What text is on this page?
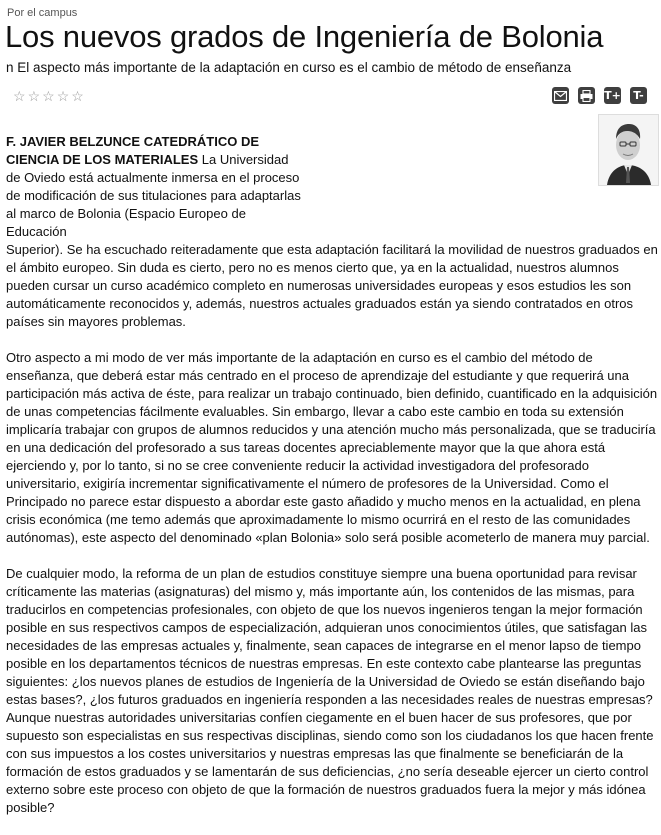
Por el campus
Los nuevos grados de Ingeniería de Bolonia
n El aspecto más importante de la adaptación en curso es el cambio de método de enseñanza
☆ ☆ ☆ ☆ ☆	T+ T-

F. JAVIER BELZUNCE CATEDRÁTICO DE CIENCIA DE LOS MATERIALES La Universidad de Oviedo está actualmente inmersa en el proceso de modificación de sus titulaciones para adaptarlas al marco de Bolonia (Espacio Europeo de Educación

Superior). Se ha escuchado reiteradamente que esta adaptación facilitará la movilidad de nuestros graduados en el ámbito europeo. Sin duda es cierto, pero no es menos cierto que, ya en la actualidad, nuestros alumnos pueden cursar un curso académico completo en numerosas universidades europeas y esos estudios les son automáticamente reconocidos y, además, nuestros actuales graduados están ya siendo contratados en otros países sin mayores problemas.

Otro aspecto a mi modo de ver más importante de la adaptación en curso es el cambio del método de enseñanza, que deberá estar más centrado en el proceso de aprendizaje del estudiante y que requerirá una participación más activa de éste, para realizar un trabajo continuado, bien definido, cuantificado en la adquisición de unas competencias fácilmente evaluables. Sin embargo, llevar a cabo este cambio en toda su extensión implicaría trabajar con grupos de alumnos reducidos y una atención mucho más personalizada, que se traduciría en una dedicación del profesorado a sus tareas docentes apreciablemente mayor que la que ahora está ejerciendo y, por lo tanto, si no se cree conveniente reducir la actividad investigadora del profesorado universitario, exigiría incrementar significativamente el número de profesores de la Universidad. Como el Principado no parece estar dispuesto a abordar este gasto añadido y mucho menos en la actualidad, en plena crisis económica (me temo además que aproximadamente lo mismo ocurrirá en el resto de las comunidades autónomas), este aspecto del denominado «plan Bolonia» solo será posible acometerlo de manera muy parcial.

De cualquier modo, la reforma de un plan de estudios constituye siempre una buena oportunidad para revisar críticamente las materias (asignaturas) del mismo y, más importante aún, los contenidos de las mismas, para traducirlos en competencias profesionales, con objeto de que los nuevos ingenieros tengan la mejor formación posible en sus respectivos campos de especialización, adquieran unos conocimientos útiles, que satisfagan las necesidades de las empresas actuales y, finalmente, sean capaces de integrarse en el menor lapso de tiempo posible en los departamentos técnicos de nuestras empresas. En este contexto cabe plantearse las preguntas siguientes: ¿los nuevos planes de estudios de Ingeniería de la Universidad de Oviedo se están diseñando bajo estas bases?, ¿los futuros graduados en ingeniería responden a las necesidades reales de nuestras empresas? Aunque nuestras autoridades universitarias confíen ciegamente en el buen hacer de sus profesores, que por supuesto son especialistas en sus respectivas disciplinas, siendo como son los ciudadanos los que hacen frente con sus impuestos a los costes universitarios y nuestras empresas las que finalmente se beneficiarán de la formación de estos graduados y se lamentarán de sus deficiencias, ¿no sería deseable ejercer un cierto control externo sobre este proceso con objeto de que la formación de nuestros graduados fuera la mejor y más idónea posible?
